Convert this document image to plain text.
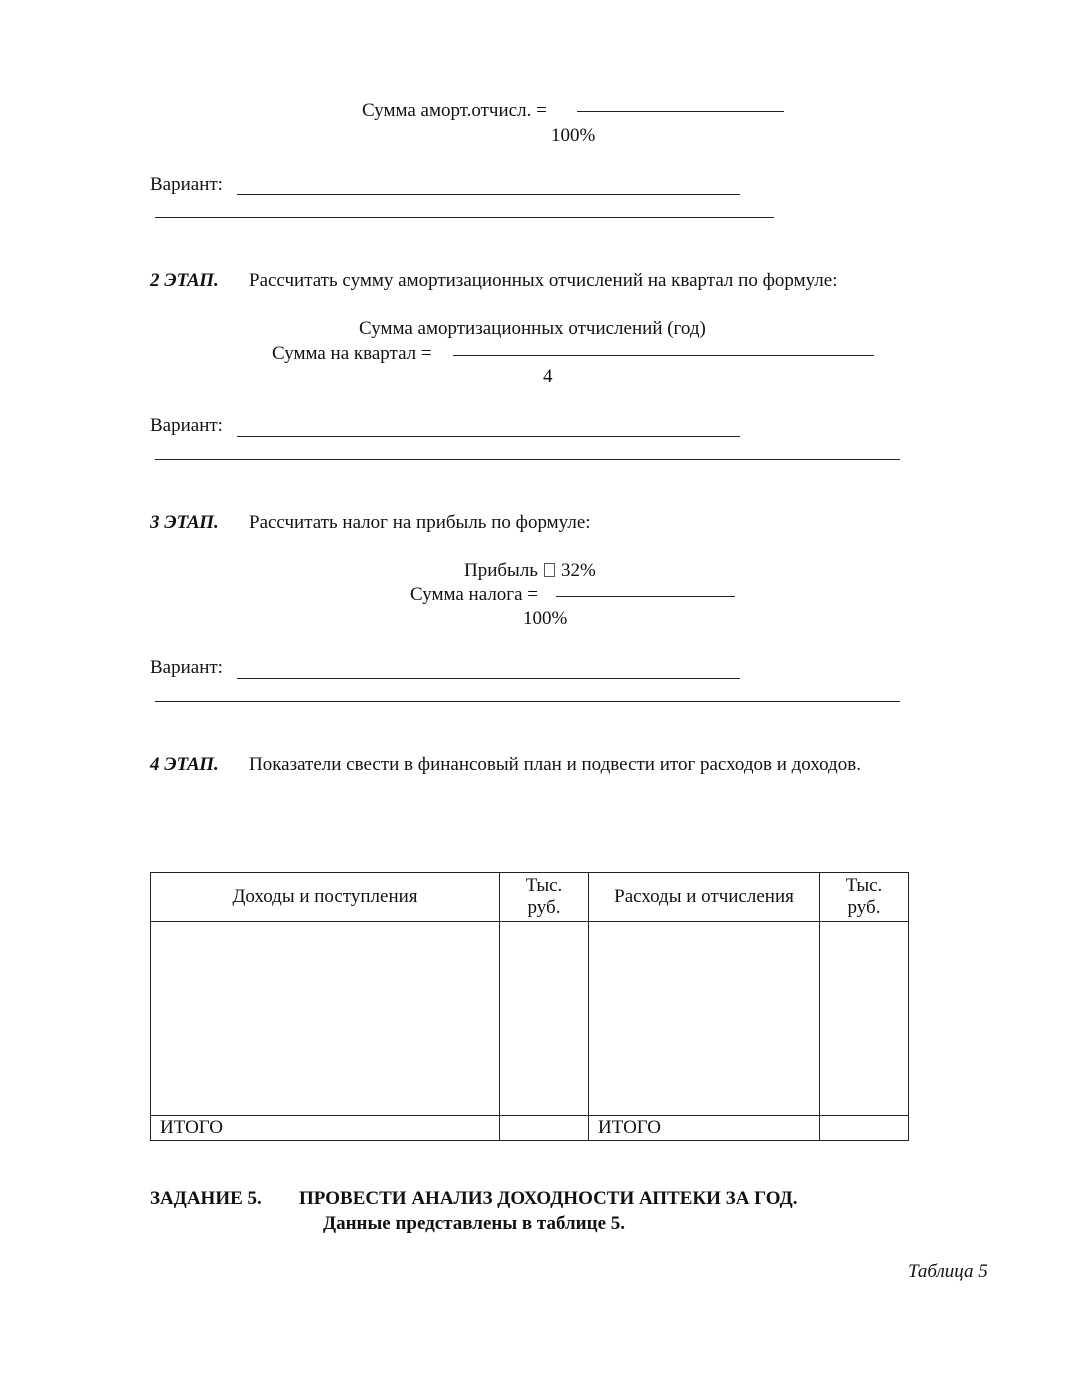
Сумма аморт.отчисл. =
100%
Вариант:
2 ЭТАП. Рассчитать сумму амортизационных отчислений на квартал по формуле:
Сумма амортизационных отчислений (год)
Сумма на квартал =
4
Вариант:
3 ЭТАП. Рассчитать налог на прибыль по формуле:
Прибыль 32%
Сумма налога =
100%
Вариант:
4 ЭТАП. Показатели свести в финансовый план и подвести итог расходов и доходов.
Доходы и поступления	Тыс. руб.	Расходы и отчисления	Тыс. руб.

ИТОГО		ИТОГО	
ЗАДАНИЕ 5. ПРОВЕСТИ АНАЛИЗ ДОХОДНОСТИ АПТЕКИ ЗА ГОД.
Данные представлены в таблице 5.
Таблица 5
